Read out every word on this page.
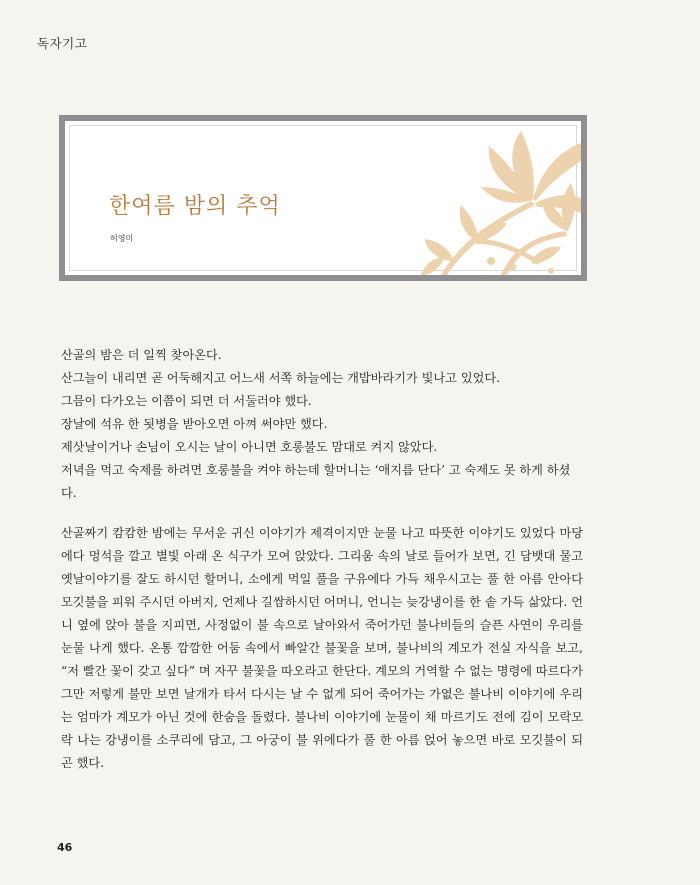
독자기고
한여름 밤의 추억
허영미

산골의 밤은 더 일찍 찾아온다.

산그늘이 내리면 곧 어둑해지고 어느새 서쪽 하늘에는 개밥바라기가 빛나고 있었다.

그믐이 다가오는 이쯤이 되면 더 서둘러야 했다.

장날에 석유 한 됫병을 받아오면 아껴 써야만 했다.

제삿날이거나 손님이 오시는 날이 아니면 호롱불도 맘대로 켜지 않았다.

저녁을 먹고 숙제를 하려면 호롱불을 켜야 하는데 할머니는 ‘애지름 단다’ 고 숙제도 못 하게 하셨다.

산골짜기 캄캄한 밤에는 무서운 귀신 이야기가 제격이지만 눈물 나고 따뜻한 이야기도 있었다 마당에다 멍석을 깔고 별빛 아래 온 식구가 모여 앉았다. 그리움 속의 날로 들어가 보면, 긴 담뱃대 물고 옛날이야기를 잘도 하시던 할머니, 소에게 먹일 풀을 구유에다 가득 채우시고는 풀 한 아름 안아다 모깃불을 피워 주시던 아버지, 언제나 길쌈하시던 어머니, 언니는 늦강냉이를 한 솥 가득 삶았다. 언니 옆에 앉아 불을 지피면, 사정없이 불 속으로 날아와서 죽어가던 불나비들의 슬픈 사연이 우리를 눈물 나게 했다. 온통 깜깜한 어둠 속에서 빠알간 불꽃을 보며, 불나비의 계모가 전실 자식을 보고, “저 빨간 꽃이 갖고 싶다” 며 자꾸 불꽃을 따오라고 한단다. 계모의 거역할 수 없는 명령에 따르다가 그만 저렇게 불만 보면 날개가 타서 다시는 날 수 없게 되어 죽어가는 가엾은 불나비 이야기에 우리는 엄마가 계모가 아닌 것에 한숨을 돌렸다. 불나비 이야기에 눈물이 채 마르기도 전에 김이 모락모락 나는 강냉이를 소쿠리에 담고, 그 아궁이 불 위에다가 풀 한 아름 얹어 놓으면 바로 모깃불이 되곤 했다.

46
